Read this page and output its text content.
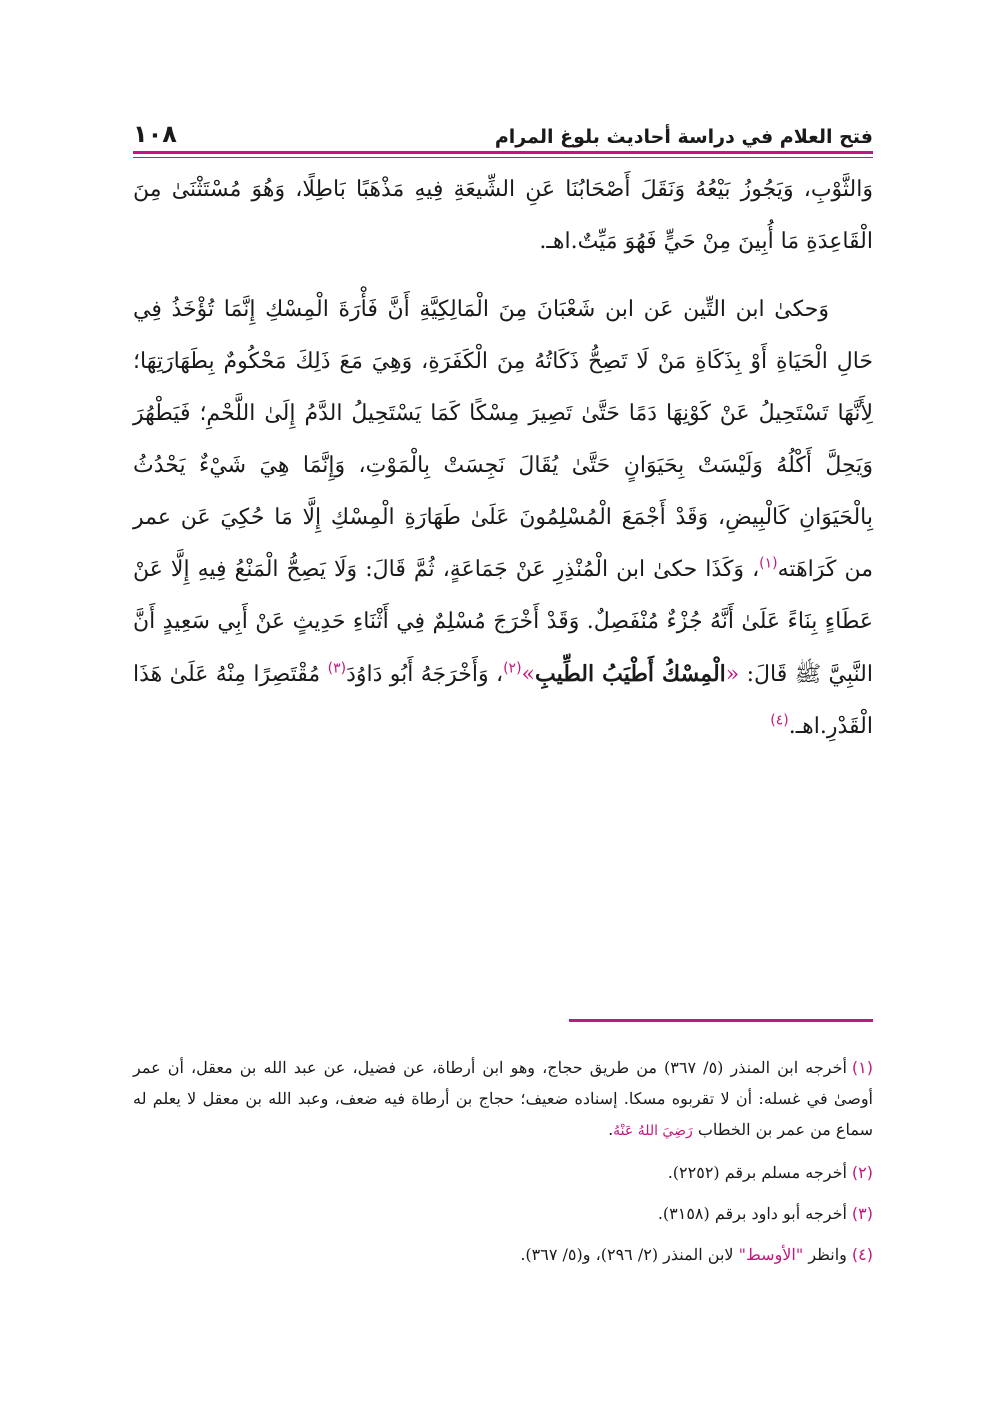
فتح العلام في دراسة أحاديث بلوغ المرام
١٠٨

وَالثَّوْبِ، وَيَجُوزُ بَيْعُهُ وَنَقَلَ أَصْحَابُنَا عَنِ الشِّيعَةِ فِيهِ مَذْهَبًا بَاطِلًا، وَهُوَ مُسْتَثْنَىٰ مِنَ الْقَاعِدَةِ مَا أُبِينَ مِنْ حَيٍّ فَهُوَ مَيِّتٌ.اهـ.

وَحكىٰ ابن التِّين عَن ابن شَعْبَانَ مِنَ الْمَالِكِيَّةِ أَنَّ فَأْرَةَ الْمِسْكِ إِنَّمَا تُؤْخَذُ فِي حَالِ الْحَيَاةِ أَوْ بِذَكَاةِ مَنْ لَا تَصِحُّ ذَكَاتُهُ مِنَ الْكَفَرَةِ، وَهِيَ مَعَ ذَلِكَ مَحْكُومٌ بِطَهَارَتِهَا؛ لِأَنَّهَا تَسْتَحِيلُ عَنْ كَوْنِهَا دَمًا حَتَّىٰ تَصِيرَ مِسْكًا كَمَا يَسْتَحِيلُ الدَّمُ إِلَىٰ اللَّحْمِ؛ فَيَطْهُرَ وَيَحِلَّ أَكْلُهُ وَلَيْسَتْ بِحَيَوَانٍ حَتَّىٰ يُقَالَ نَجِسَتْ بِالْمَوْتِ، وَإِنَّمَا هِيَ شَيْءٌ يَحْدُثُ بِالْحَيَوَانِ كَالْبِيضِ، وَقَدْ أَجْمَعَ الْمُسْلِمُونَ عَلَىٰ طَهَارَةِ الْمِسْكِ إِلَّا مَا حُكِيَ عَن عمر من كَرَاهَته$^{(١)}$، وَكَذَا حكىٰ ابن الْمُنْذِرِ عَنْ جَمَاعَةٍ، ثُمَّ قَالَ: وَلَا يَصِحُّ الْمَنْعُ فِيهِ إِلَّا عَنْ عَطَاءٍ بِنَاءً عَلَىٰ أَنَّهُ جُزْءٌ مُنْفَصِلٌ. وَقَدْ أَخْرَجَ مُسْلِمٌ فِي أَثْنَاءِ حَدِيثٍ عَنْ أَبِي سَعِيدٍ أَنَّ النَّبِيَّ ﷺ قَالَ: «الْمِسْكُ أَطْيَبُ الطِّيبِ»$^{(٢)}$، وَأَخْرَجَهُ أَبُو دَاوُدَ$^{(٣)}$ مُقْتَصِرًا مِنْهُ عَلَىٰ هَذَا الْقَدْرِ.اهـ.$^{(٤)}$

(١)أخرجه ابن المنذر (٥/ ٣٦٧) من طريق حجاج، وهو ابن أرطاة، عن فضيل، عن عبد الله بن معقل، أن عمر أوصىٰ في غسله: أن لا تقربوه مسكا. إسناده ضعيف؛ حجاج بن أرطاة فيه ضعف، وعبد الله بن معقل لا يعلم له سماع من عمر بن الخطاب رَضِيَ اللهُ عَنْهُ.
(٢)أخرجه مسلم برقم (٢٢٥٢).
(٣)أخرجه أبو داود برقم (٣١٥٨).
(٤)وانظر "الأوسط" لابن المنذر (٢/ ٢٩٦)، و(٥/ ٣٦٧).
